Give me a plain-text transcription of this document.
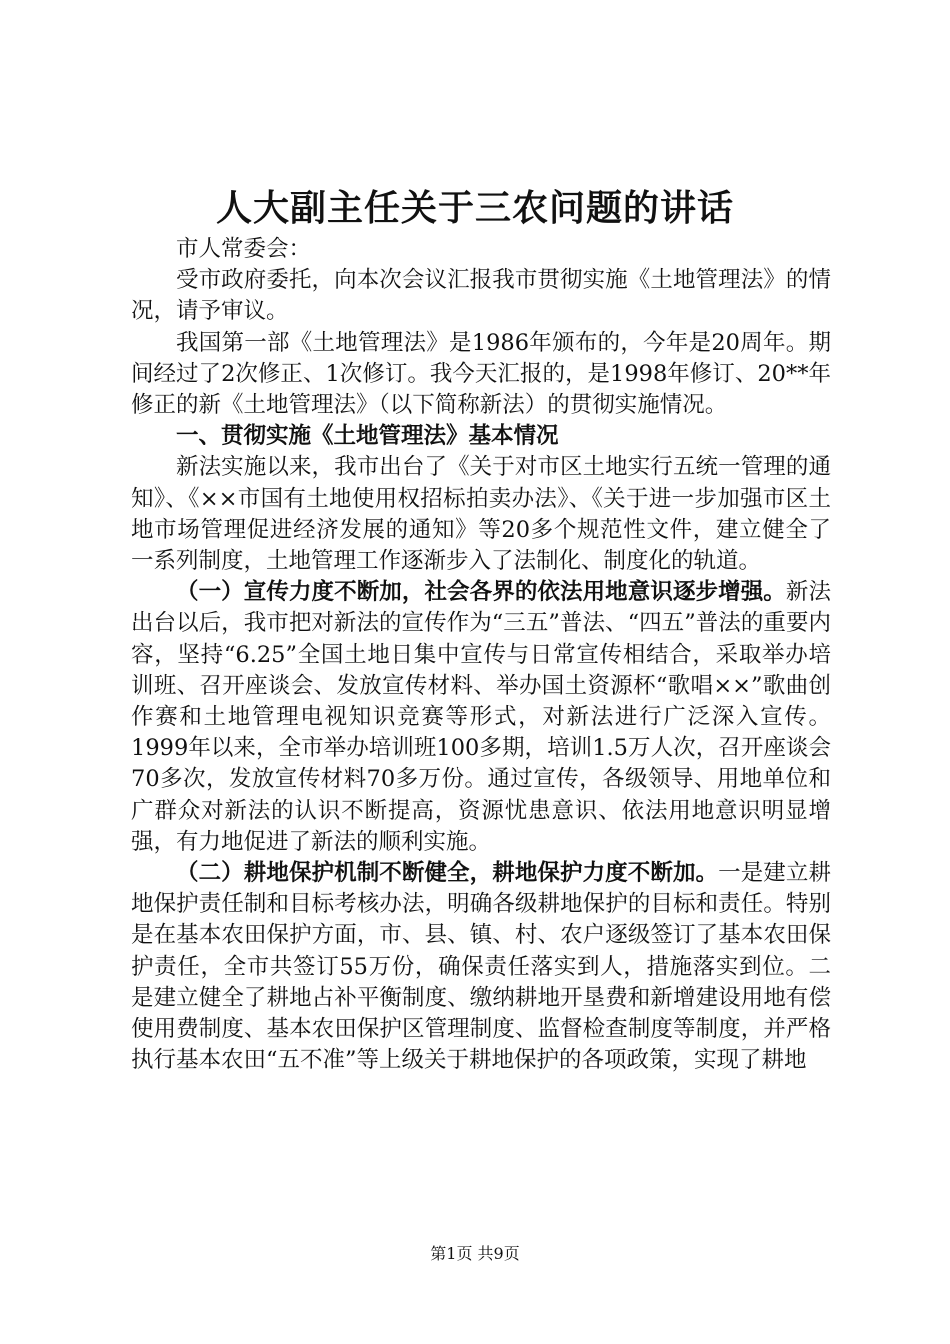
人大副主任关于三农问题的讲话

市人常委会：

受市政府委托，向本次会议汇报我市贯彻实施《土地管理法》的情况，请予审议。

我国第一部《土地管理法》是1986年颁布的，今年是20周年。期间经过了2次修正、1次修订。我今天汇报的，是1998年修订、20**年修正的新《土地管理法》（以下简称新法）的贯彻实施情况。

一、贯彻实施《土地管理法》基本情况

新法实施以来，我市出台了《关于对市区土地实行五统一管理的通知》、《××市国有土地使用权招标拍卖办法》、《关于进一步加强市区土地市场管理促进经济发展的通知》等20多个规范性文件，建立健全了一系列制度，土地管理工作逐渐步入了法制化、制度化的轨道。

（一）宣传力度不断加，社会各界的依法用地意识逐步增强。新法出台以后，我市把对新法的宣传作为“三五”普法、“四五”普法的重要内容，坚持“6.25”全国土地日集中宣传与日常宣传相结合，采取举办培训班、召开座谈会、发放宣传材料、举办国土资源杯“歌唱××”歌曲创作赛和土地管理电视知识竞赛等形式，对新法进行广泛深入宣传。1999年以来，全市举办培训班100多期，培训1.5万人次，召开座谈会70多次，发放宣传材料70多万份。通过宣传，各级领导、用地单位和广群众对新法的认识不断提高，资源忧患意识、依法用地意识明显增强，有力地促进了新法的顺利实施。

（二）耕地保护机制不断健全，耕地保护力度不断加。一是建立耕地保护责任制和目标考核办法，明确各级耕地保护的目标和责任。特别是在基本农田保护方面，市、县、镇、村、农户逐级签订了基本农田保护责任，全市共签订55万份，确保责任落实到人，措施落实到位。二是建立健全了耕地占补平衡制度、缴纳耕地开垦费和新增建设用地有偿使用费制度、基本农田保护区管理制度、监督检查制度等制度，并严格执行基本农田“五不准”等上级关于耕地保护的各项政策，实现了耕地

第1页 共9页
